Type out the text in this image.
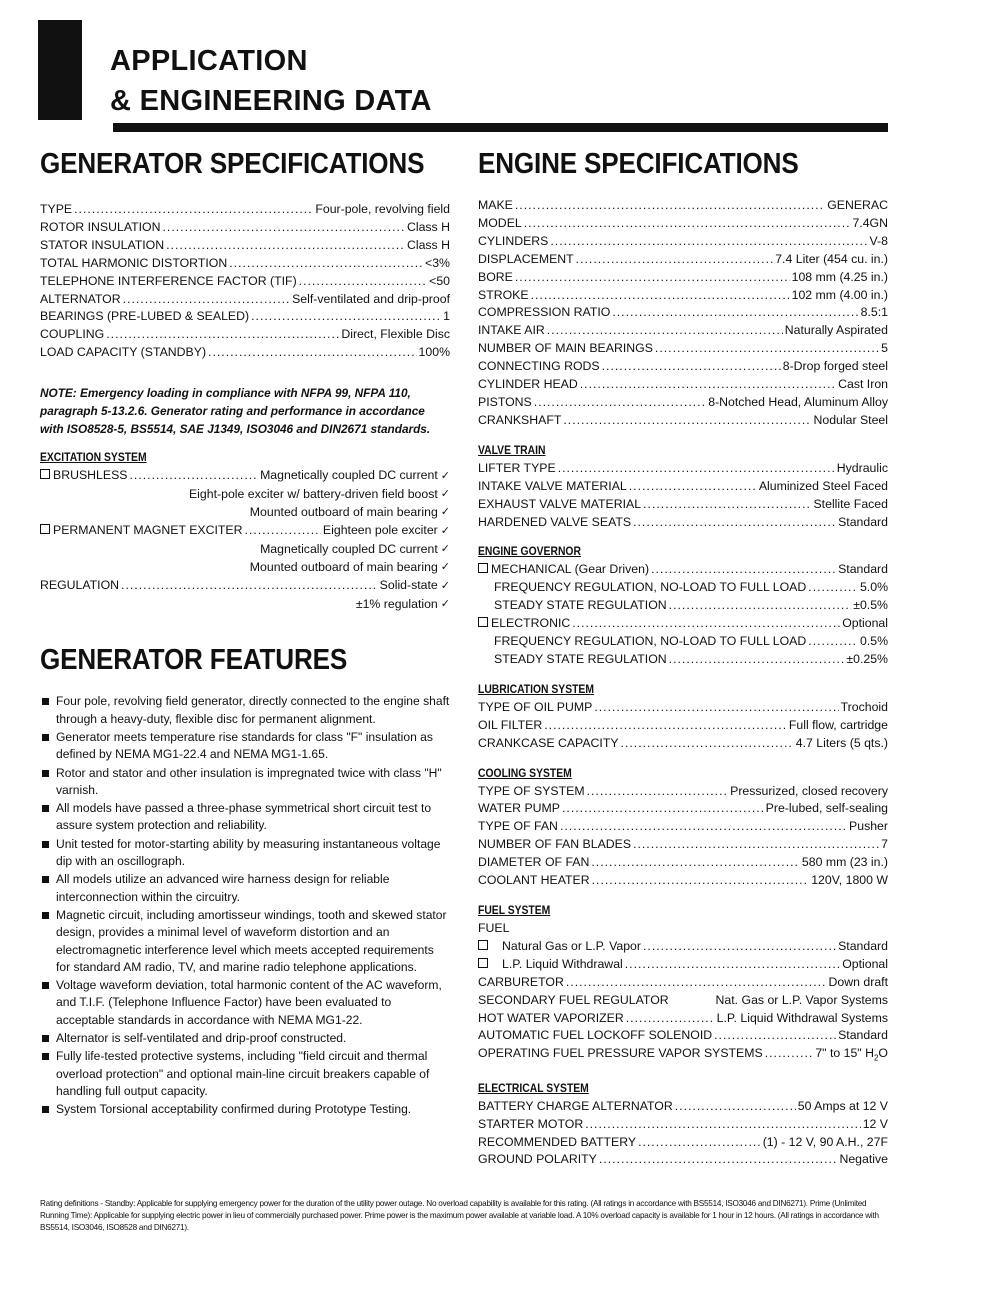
APPLICATION
& ENGINEERING DATA
GENERATOR SPECIFICATIONS
TYPE .....	Four-pole, revolving field
ROTOR INSULATION .....	Class H
STATOR INSULATION .....	Class H
TOTAL HARMONIC DISTORTION .....	<3%
TELEPHONE INTERFERENCE FACTOR (TIF) .....	<50
ALTERNATOR .....	Self-ventilated and drip-proof
BEARINGS (PRE-LUBED & SEALED) .....	1
COUPLING .....	Direct, Flexible Disc
LOAD CAPACITY (STANDBY) .....	100%
NOTE: Emergency loading in compliance with NFPA 99, NFPA 110, paragraph 5-13.2.6. Generator rating and performance in accordance with ISO8528-5, BS5514, SAE J1349, ISO3046 and DIN2671 standards.
EXCITATION SYSTEM
BRUSHLESS .....	Magnetically coupled DC current ✓
Eight-pole exciter w/ battery-driven field boost ✓
Mounted outboard of main bearing ✓
PERMANENT MAGNET EXCITER .....	Eighteen pole exciter ✓
Magnetically coupled DC current ✓
Mounted outboard of main bearing ✓
REGULATION .....	Solid-state ✓
±1% regulation ✓
GENERATOR FEATURES
Four pole, revolving field generator, directly connected to the engine shaft through a heavy-duty, flexible disc for permanent alignment.
Generator meets temperature rise standards for class "F" insulation as defined by NEMA MG1-22.4 and NEMA MG1-1.65.
Rotor and stator and other insulation is impregnated twice with class "H" varnish.
All models have passed a three-phase symmetrical short circuit test to assure system protection and reliability.
Unit tested for motor-starting ability by measuring instantaneous voltage dip with an oscillograph.
All models utilize an advanced wire harness design for reliable interconnection within the circuitry.
Magnetic circuit, including amortisseur windings, tooth and skewed stator design, provides a minimal level of waveform distortion and an electromagnetic interference level which meets accepted requirements for standard AM radio, TV, and marine radio telephone applications.
Voltage waveform deviation, total harmonic content of the AC waveform, and T.I.F. (Telephone Influence Factor) have been evaluated to acceptable standards in accordance with NEMA MG1-22.
Alternator is self-ventilated and drip-proof constructed.
Fully life-tested protective systems, including "field circuit and thermal overload protection" and optional main-line circuit breakers capable of handling full output capacity.
System Torsional acceptability confirmed during Prototype Testing.
ENGINE SPECIFICATIONS
MAKE .....	GENERAC
MODEL .....	7.4GN
CYLINDERS .....	V-8
DISPLACEMENT .....	7.4 Liter (454 cu. in.)
BORE .....	108 mm (4.25 in.)
STROKE .....	102 mm (4.00 in.)
COMPRESSION RATIO .....	8.5:1
INTAKE AIR .....	Naturally Aspirated
NUMBER OF MAIN BEARINGS .....	5
CONNECTING RODS .....	8-Drop forged steel
CYLINDER HEAD .....	Cast Iron
PISTONS .....	8-Notched Head, Aluminum Alloy
CRANKSHAFT .....	Nodular Steel
VALVE TRAIN
LIFTER TYPE .....	Hydraulic
INTAKE VALVE MATERIAL .....	Aluminized Steel Faced
EXHAUST VALVE MATERIAL .....	Stellite Faced
HARDENED VALVE SEATS .....	Standard
ENGINE GOVERNOR
MECHANICAL (Gear Driven) .....	Standard
FREQUENCY REGULATION, NO-LOAD TO FULL LOAD .....	5.0%
STEADY STATE REGULATION .....	±0.5%
ELECTRONIC .....	Optional
FREQUENCY REGULATION, NO-LOAD TO FULL LOAD .....	0.5%
STEADY STATE REGULATION .....	±0.25%
LUBRICATION SYSTEM
TYPE OF OIL PUMP .....	Trochoid
OIL FILTER .....	Full flow, cartridge
CRANKCASE CAPACITY .....	4.7 Liters (5 qts.)
COOLING SYSTEM
TYPE OF SYSTEM .....	Pressurized, closed recovery
WATER PUMP .....	Pre-lubed, self-sealing
TYPE OF FAN .....	Pusher
NUMBER OF FAN BLADES .....	7
DIAMETER OF FAN .....	580 mm (23 in.)
COOLANT HEATER .....	120V, 1800 W
FUEL SYSTEM
FUEL
Natural Gas or L.P. Vapor .....	Standard
L.P. Liquid Withdrawal .....	Optional
CARBURETOR .....	Down draft
SECONDARY FUEL REGULATOR	Nat. Gas or L.P. Vapor Systems
HOT WATER VAPORIZER .....	L.P. Liquid Withdrawal Systems
AUTOMATIC FUEL LOCKOFF SOLENOID .....	Standard
OPERATING FUEL PRESSURE VAPOR SYSTEMS .....	7" to 15" $H_2O$
ELECTRICAL SYSTEM
BATTERY CHARGE ALTERNATOR .....	50 Amps at 12 V
STARTER MOTOR .....	12 V
RECOMMENDED BATTERY .....	(1) - 12 V, 90 A.H., 27F
GROUND POLARITY .....	Negative
Rating definitions - Standby: Applicable for supplying emergency power for the duration of the utility power outage. No overload capability is available for this rating. (All ratings in accordance with BS5514, ISO3046 and DIN6271). Prime (Unlimited Running Time): Applicable for supplying electric power in lieu of commercially purchased power. Prime power is the maximum power available at variable load. A 10% overload capacity is available for 1 hour in 12 hours. (All ratings in accordance with BS5514, ISO3046, ISO8528 and DIN6271).
